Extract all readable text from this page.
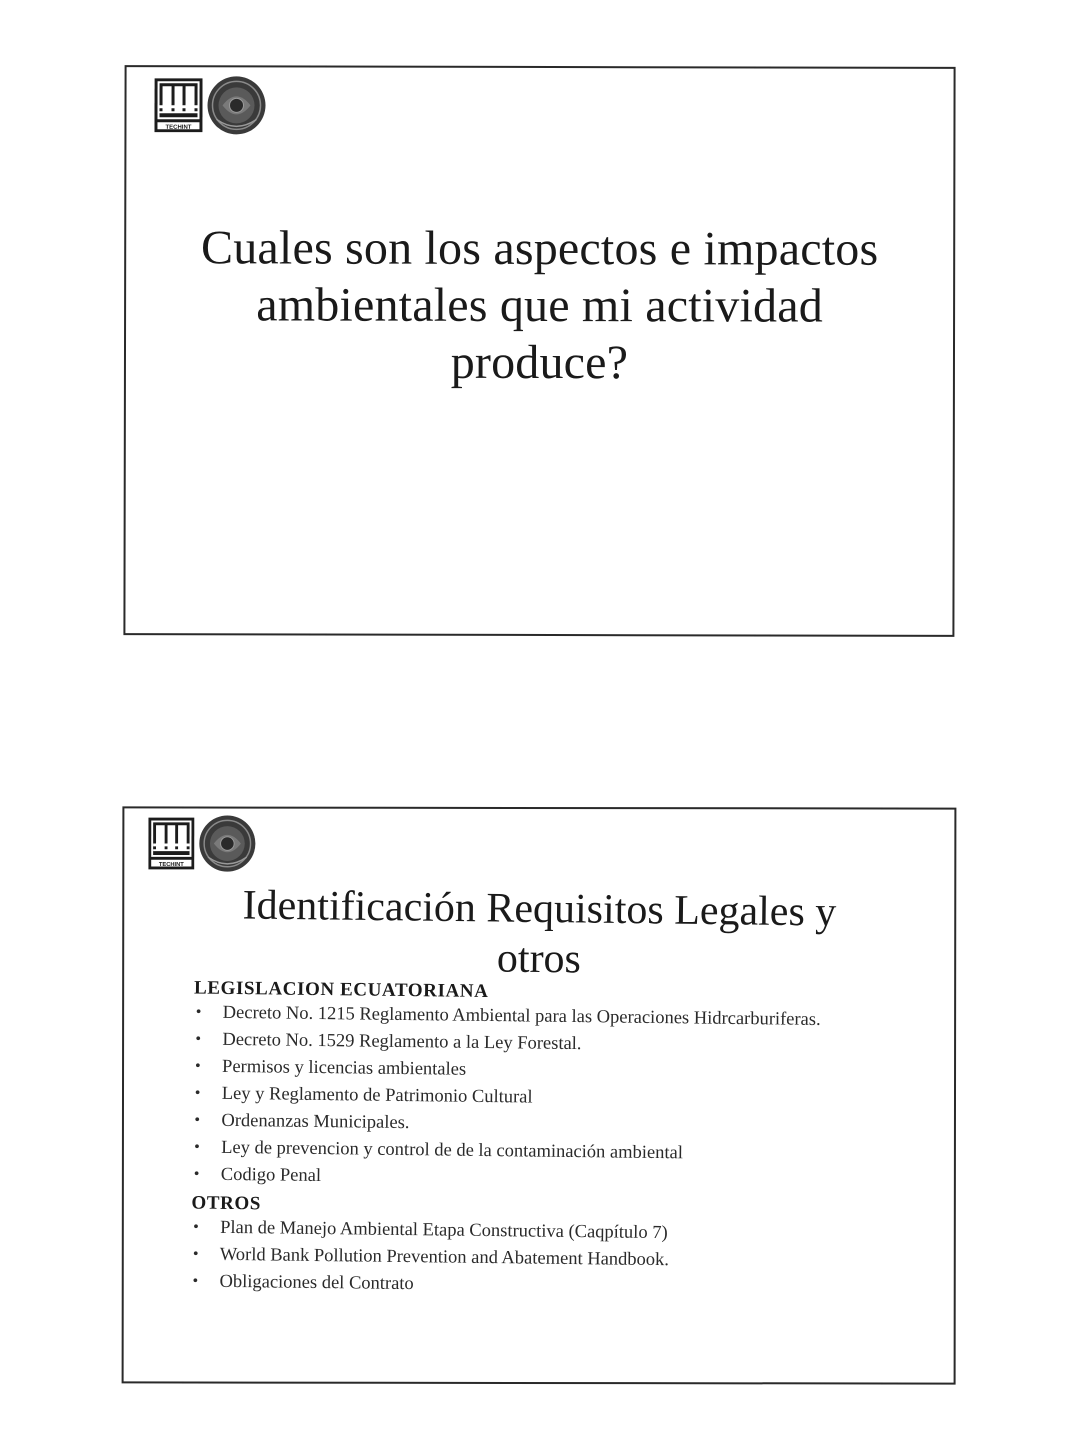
TECHINT
Cuales son los aspectos e impactos
ambientales que mi actividad
produce?
TECHINT
Identificación Requisitos Legales y
otros

LEGISLACION ECUATORIANA

• Decreto No. 1215 Reglamento Ambiental para las Operaciones Hidrcarburiferas.
• Decreto No. 1529 Reglamento a la Ley Forestal.
• Permisos y licencias ambientales
• Ley y Reglamento de Patrimonio Cultural
• Ordenanzas Municipales.
• Ley de prevencion y control de de la contaminación ambiental
• Codigo Penal

OTROS

• Plan de Manejo Ambiental Etapa Constructiva (Caqpítulo 7)
• World Bank Pollution Prevention and Abatement Handbook.
• Obligaciones del Contrato
